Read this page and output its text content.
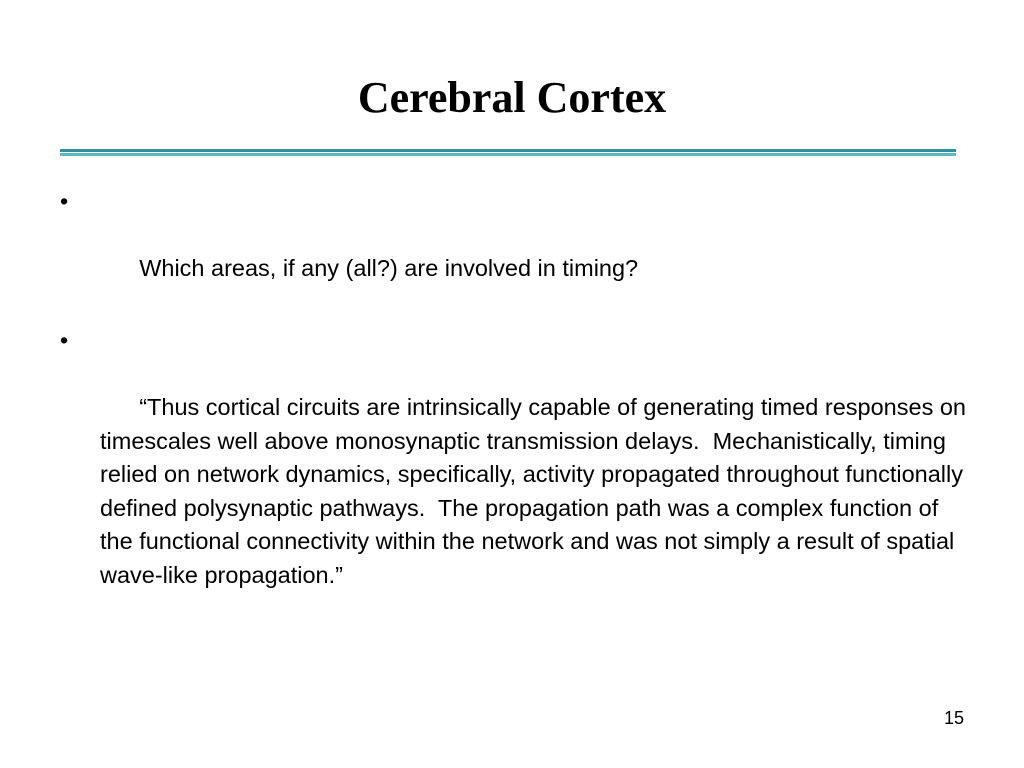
Cerebral Cortex

•

Which areas, if any (all?) are involved in timing?

•

“Thus cortical circuits are intrinsically capable of generating timed responses on timescales well above monosynaptic transmission delays.  Mechanistically, timing relied on network dynamics, specifically, activity propagated throughout functionally defined polysynaptic pathways.  The propagation path was a complex function of the functional connectivity within the network and was not simply a result of spatial wave-like propagation.”

15
